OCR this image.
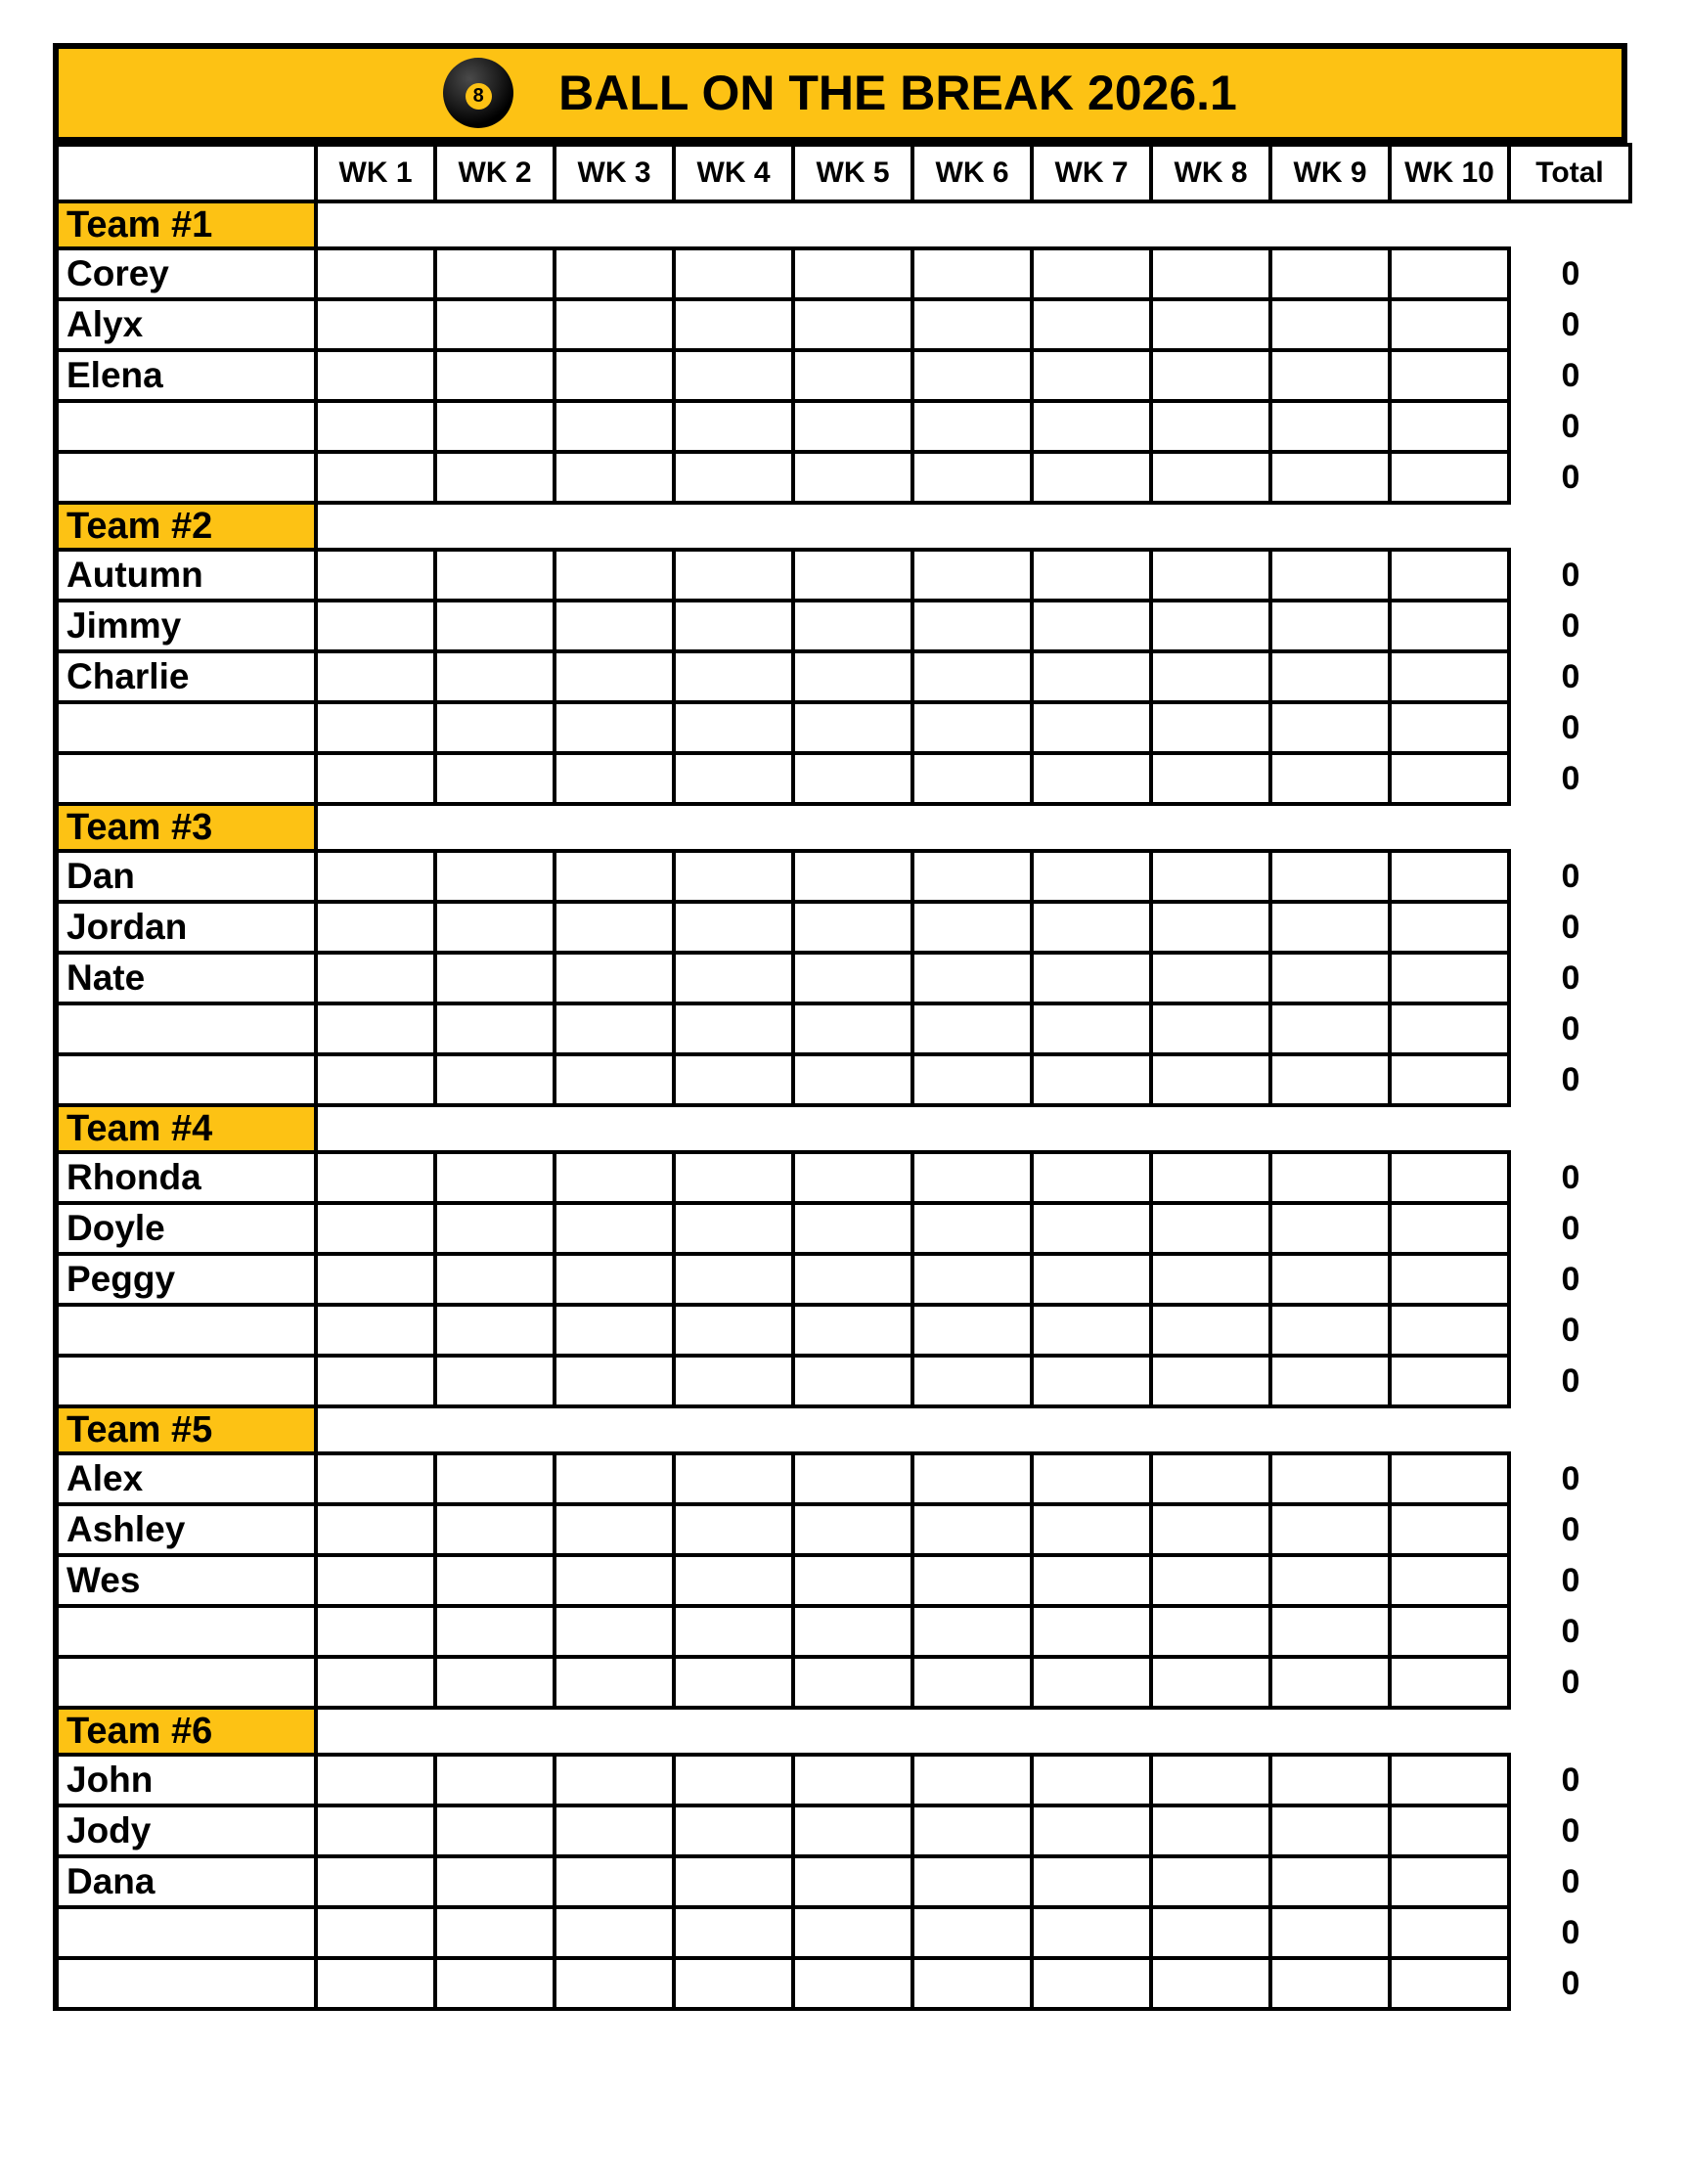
8 BALL ON THE BREAK 2026.1
	WK 1	WK 2	WK 3	WK 4	WK 5	WK 6	WK 7	WK 8	WK 9	WK 10	Total
Team #1											
Corey											0
Alyx											0
Elena											0
											0
											0
Team #2											
Autumn											0
Jimmy											0
Charlie											0
											0
											0
Team #3											
Dan											0
Jordan											0
Nate											0
											0
											0
Team #4											
Rhonda											0
Doyle											0
Peggy											0
											0
											0
Team #5											
Alex											0
Ashley											0
Wes											0
											0
											0
Team #6											
John											0
Jody											0
Dana											0
											0
											0
